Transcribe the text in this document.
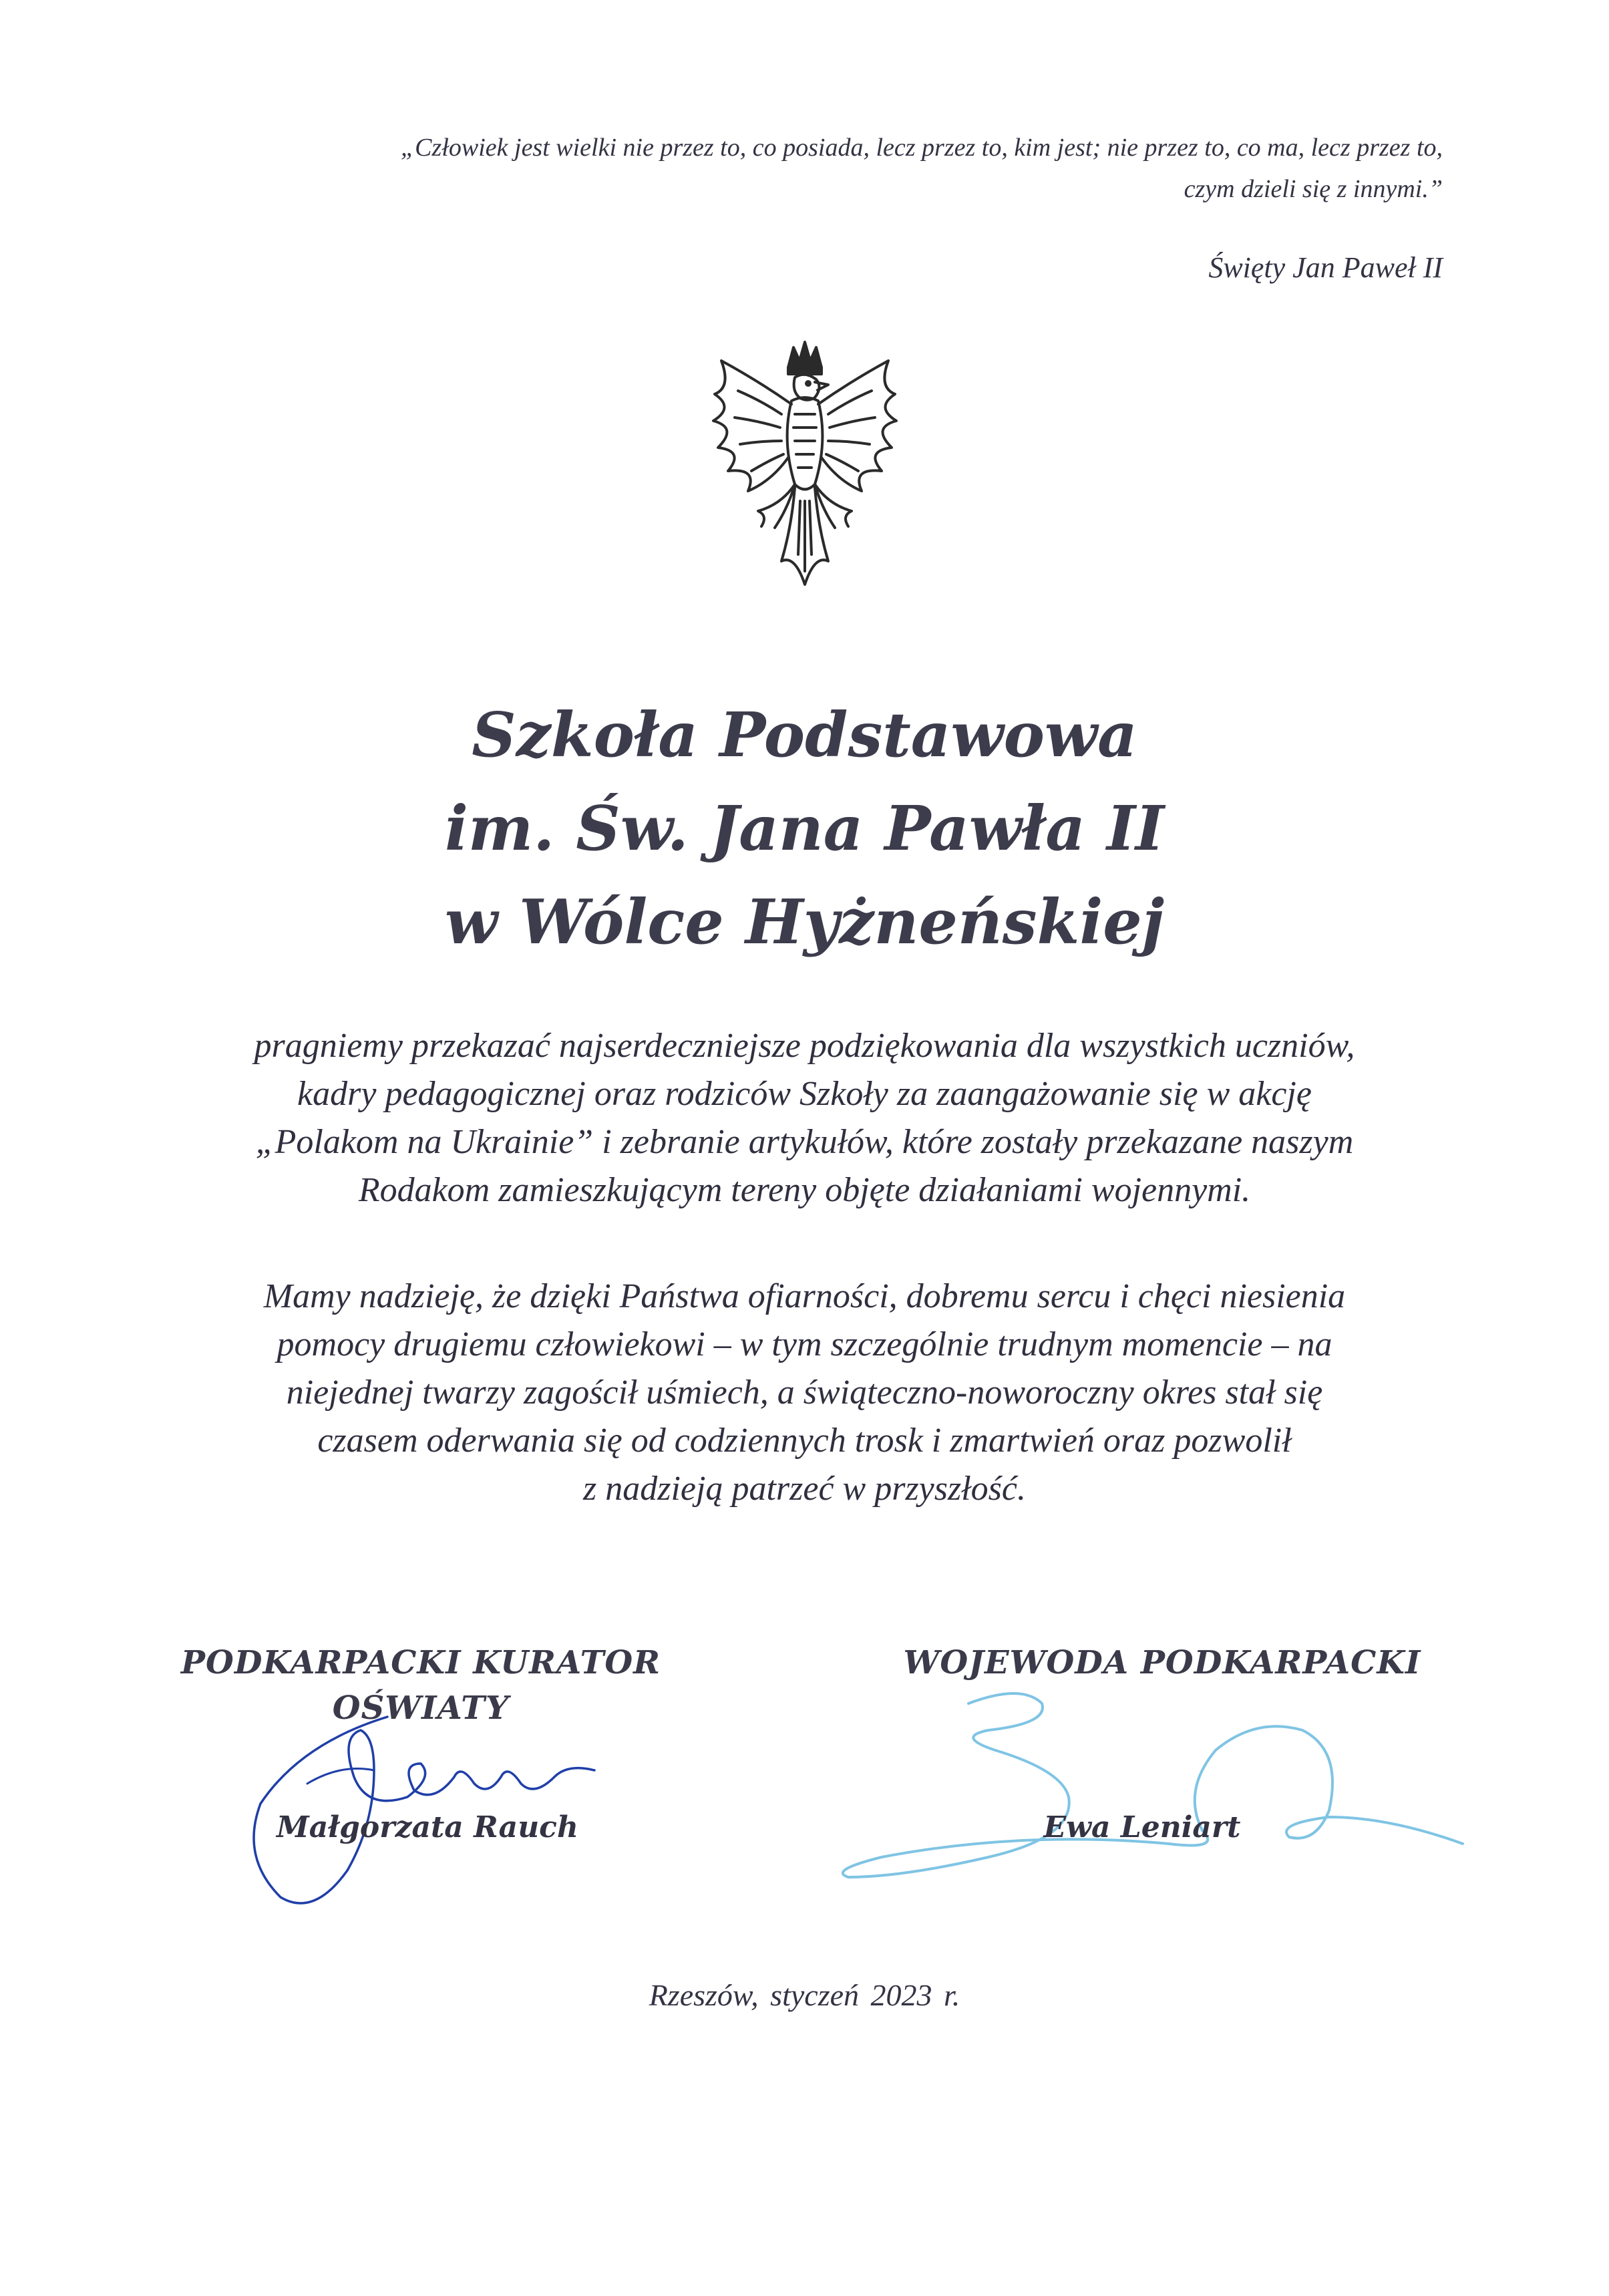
„Człowiek jest wielki nie przez to, co posiada, lecz przez to, kim jest; nie przez to, co ma, lecz przez to,

czym dzieli się z innymi.”

Święty Jan Paweł II
Szkoła Podstawowa
im. Św. Jana Pawła II
w Wólce Hyżneńskiej
pragniemy przekazać najserdeczniejsze podziękowania dla wszystkich uczniów,
kadry pedagogicznej oraz rodziców Szkoły za zaangażowanie się w akcję
„Polakom na Ukrainie” i zebranie artykułów, które zostały przekazane naszym
Rodakom zamieszkującym tereny objęte działaniami wojennymi.
Mamy nadzieję, że dzięki Państwa ofiarności, dobremu sercu i chęci niesienia
pomocy drugiemu człowiekowi – w tym szczególnie trudnym momencie – na
niejednej twarzy zagościł uśmiech, a świąteczno-noworoczny okres stał się
czasem oderwania się od codziennych trosk i zmartwień oraz pozwolił
z nadzieją patrzeć w przyszłość.
PODKARPACKI KURATOR
OŚWIATY
WOJEWODA PODKARPACKI
Małgorzata Rauch	Ewa Leniart
Rzeszów, styczeń 2023 r.
